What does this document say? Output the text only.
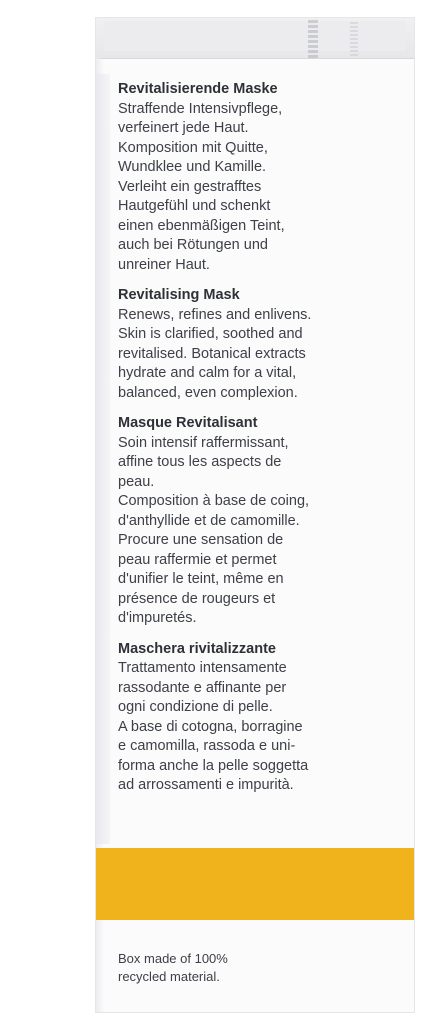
Revitalisierende Maske
Straffende Intensivpflege,
verfeinert jede Haut.
Komposition mit Quitte,
Wundklee und Kamille.
Verleiht ein gestrafftes
Hautgefühl und schenkt
einen ebenmäßigen Teint,
auch bei Rötungen und
unreiner Haut.
Revitalising Mask
Renews, refines and enlivens.
Skin is clarified, soothed and
revitalised. Botanical extracts
hydrate and calm for a vital,
balanced, even complexion.
Masque Revitalisant
Soin intensif raffermissant,
affine tous les aspects de
peau.
Composition à base de coing,
d'anthyllide et de camomille.
Procure une sensation de
peau raffermie et permet
d'unifier le teint, même en
présence de rougeurs et
d'impuretés.
Maschera rivitalizzante
Trattamento intensamente
rassodante e affinante per
ogni condizione di pelle.
A base di cotogna, borragine
e camomilla, rassoda e uni-
forma anche la pelle soggetta
ad arrossamenti e impurità.
Box made of 100%
recycled material.
